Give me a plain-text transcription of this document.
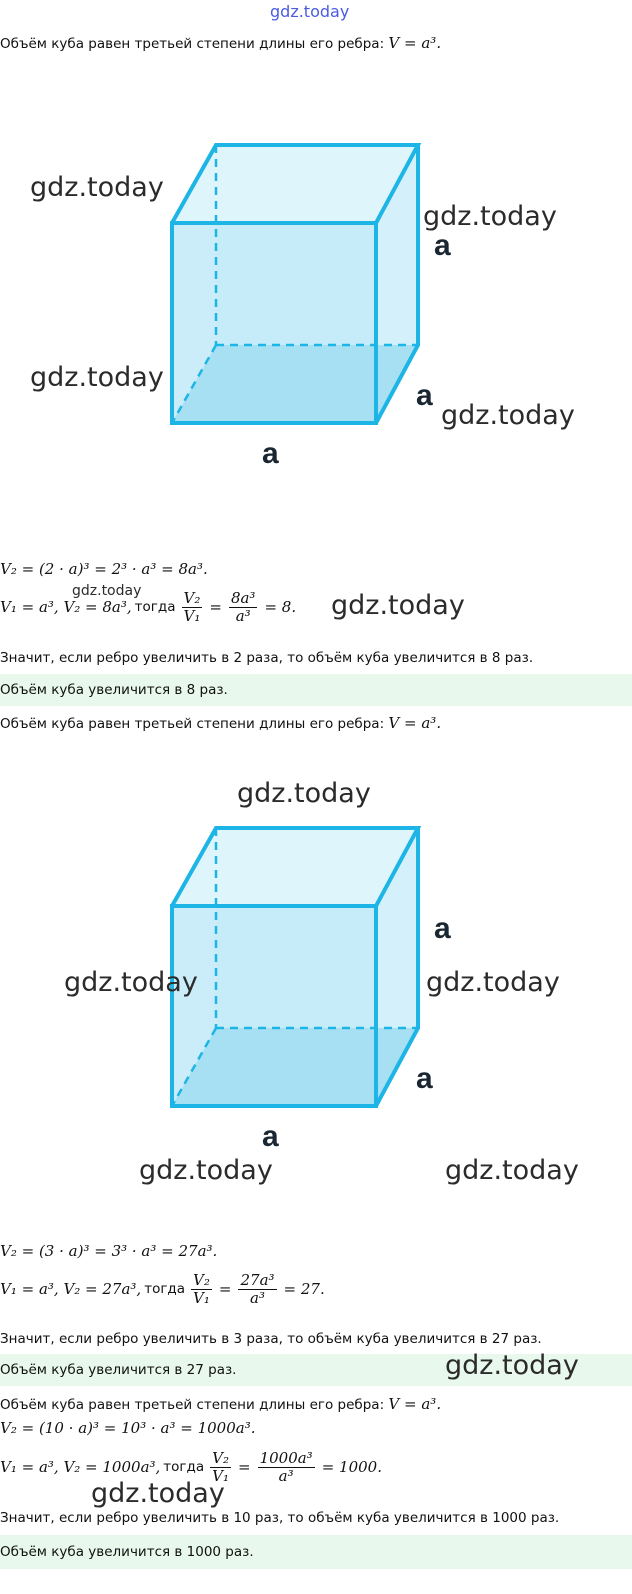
gdz.today
Объём куба равен третьей степени длины его ребра: V = a³.
a
a
a
gdz.today
gdz.today
gdz.today
gdz.today
V₂ = (2 · a)³ = 2³ · a³ = 8a³.
gdz.today
V₁ = a³, V₂ = 8a³, тогда $\frac{\text{V₂}}{\text{V₁}} = \frac{\text{8a³}}{\text{a³}} = 8$. gdz.today
Значит, если ребро увеличить в 2 раза, то объём куба увеличится в 8 раз.
Объём куба увеличится в 8 раз.
Объём куба равен третьей степени длины его ребра: V = a³.
gdz.today
a
a
a
gdz.today	gdz.today
gdz.today	gdz.today
V₂ = (3 · a)³ = 3³ · a³ = 27a³.
V₁ = a³, V₂ = 27a³, тогда $\frac{\text{V₂}}{\text{V₁}} = \frac{\text{27a³}}{\text{a³}} = 27$.
Значит, если ребро увеличить в 3 раза, то объём куба увеличится в 27 раз.
Объём куба увеличится в 27 раз.	gdz.today
Объём куба равен третьей степени длины его ребра: V = a³.
V₂ = (10 · a)³ = 10³ · a³ = 1000a³.
V₁ = a³, V₂ = 1000a³, тогда $\frac{\text{V₂}}{\text{V₁}} = \frac{\text{1000a³}}{\text{a³}} = 1000$.
gdz.today
Значит, если ребро увеличить в 10 раз, то объём куба увеличится в 1000 раз.
Объём куба увеличится в 1000 раз.
